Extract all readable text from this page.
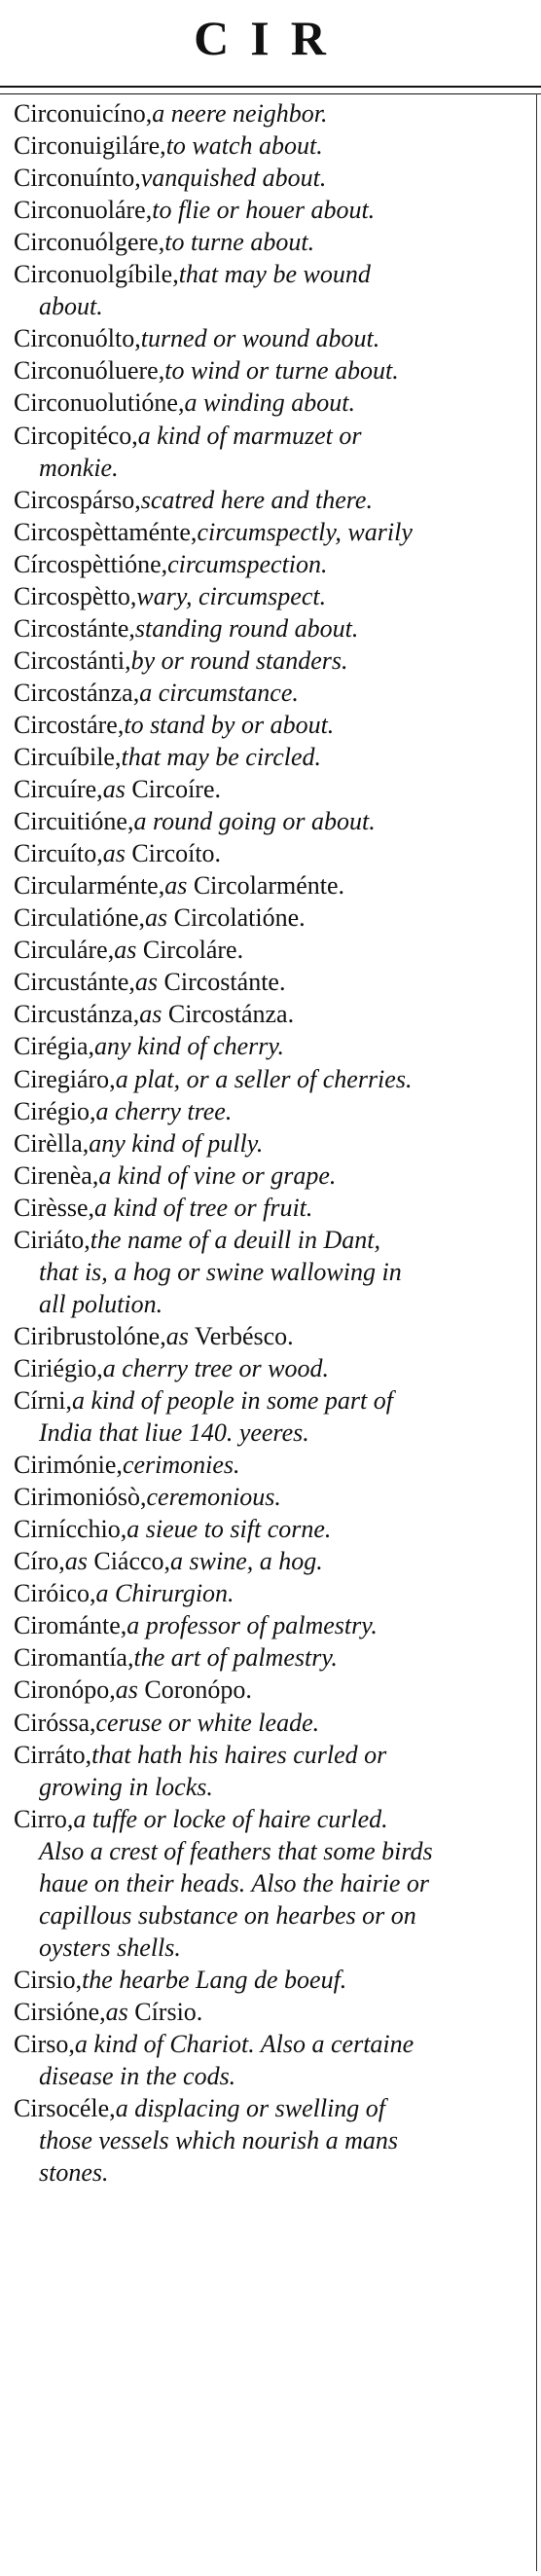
CIR
Circonuicíno,a neere neighbor.
Circonuigiláre,to watch about.
Circonuínto,vanquished about.
Circonuoláre,to flie or houer about.
Circonuólgere,to turne about.
Circonuolgíbile,that may be wound
about.
Circonuólto,turned or wound about.
Circonuóluere,to wind or turne about.
Circonuolutióne,a winding about.
Circopitéco,a kind of marmuzet or
monkie.
Circospárso,scatred here and there.
Circospèttaménte,circumspectly, warily
Círcospèttióne,circumspection.
Circospètto,wary, circumspect.
Circostánte,standing round about.
Circostánti,by or round standers.
Circostánza,a circumstance.
Circostáre,to stand by or about.
Circuíbile,that may be circled.
Circuíre,as Circoíre.
Circuitióne,a round going or about.
Circuíto,as Circoíto.
Circularménte,as Circolarménte.
Circulatióne,as Circolatióne.
Circuláre,as Circoláre.
Circustánte,as Circostánte.
Circustánza,as Circostánza.
Cirégia,any kind of cherry.
Ciregiáro,a plat, or a seller of cherries.
Cirégio,a cherry tree.
Cirèlla,any kind of pully.
Cirenèa,a kind of vine or grape.
Cirèsse,a kind of tree or fruit.
Ciriáto,the name of a deuill in Dant,
that is, a hog or swine wallowing in
all polution.
Ciribrustolóne,as Verbésco.
Ciriégio,a cherry tree or wood.
Círni,a kind of people in some part of
India that liue 140. yeeres.
Cirimónie,cerimonies.
Cirimoniósò,ceremonious.
Cirnícchio,a sieue to sift corne.
Círo,as Ciácco,a swine, a hog.
Ciróico,a Chirurgion.
Cirománte,a professor of palmestry.
Ciromantía,the art of palmestry.
Cironópo,as Coronópo.
Ciróssa,ceruse or white leade.
Cirráto,that hath his haires curled or
growing in locks.
Cirro,a tuffe or locke of haire curled.
Also a crest of feathers that some birds
haue on their heads. Also the hairie or
capillous substance on hearbes or on
oysters shells.
Cirsio,the hearbe Lang de boeuf.
Cirsióne,as Círsio.
Cirso,a kind of Chariot. Also a certaine
disease in the cods.
Cirsocéle,a displacing or swelling of
those vessels which nourish a mans
stones.
